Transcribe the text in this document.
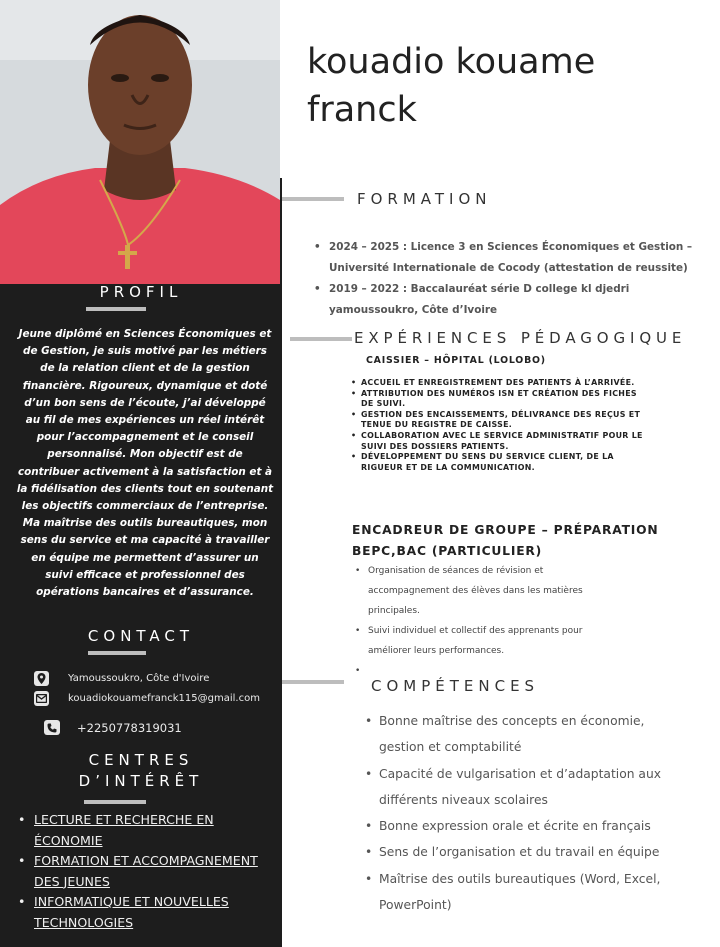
kouadio kouame
franck
PROFIL

Jeune diplômé en Sciences Économiques et de Gestion, je suis motivé par les métiers de la relation client et de la gestion financière. Rigoureux, dynamique et doté d’un bon sens de l’écoute, j’ai développé au fil de mes expériences un réel intérêt pour l’accompagnement et le conseil personnalisé. Mon objectif est de contribuer activement à la satisfaction et à la fidélisation des clients tout en soutenant les objectifs commerciaux de l’entreprise. Ma maîtrise des outils bureautiques, mon sens du service et ma capacité à travailler en équipe me permettent d’assurer un suivi efficace et professionnel des opérations bancaires et d’assurance.

CONTACT
Yamoussoukro, Côte d'Ivoire
kouadiokouamefranck115@gmail.com
+2250778319031
CENTRES
D’INTÉRÊT
• LECTURE ET RECHERCHE EN ÉCONOMIE
• FORMATION ET ACCOMPAGNEMENT DES JEUNES
• INFORMATIQUE ET NOUVELLES TECHNOLOGIES
FORMATION
• 2024 – 2025 : Licence 3 en Sciences Économiques et Gestion – Université Internationale de Cocody (attestation de reussite)
• 2019 – 2022 : Baccalauréat série D college kl djedri yamoussoukro, Côte d’Ivoire
EXPÉRIENCES PÉDAGOGIQUE
CAISSIER – HÔPITAL (LOLOBO)
• ACCUEIL ET ENREGISTREMENT DES PATIENTS À L’ARRIVÉE.
• ATTRIBUTION DES NUMÉROS ISN ET CRÉATION DES FICHES DE SUIVI.
• GESTION DES ENCAISSEMENTS, DÉLIVRANCE DES REÇUS ET TENUE DU REGISTRE DE CAISSE.
• COLLABORATION AVEC LE SERVICE ADMINISTRATIF POUR LE SUIVI DES DOSSIERS PATIENTS.
• DÉVELOPPEMENT DU SENS DU SERVICE CLIENT, DE LA RIGUEUR ET DE LA COMMUNICATION.
ENCADREUR DE GROUPE – PRÉPARATION BEPC,BAC (PARTICULIER)
• Organisation de séances de révision et accompagnement des élèves dans les matières principales.
• Suivi individuel et collectif des apprenants pour améliorer leurs performances.
•
COMPÉTENCES
• Bonne maîtrise des concepts en économie, gestion et comptabilité
• Capacité de vulgarisation et d’adaptation aux différents niveaux scolaires
• Bonne expression orale et écrite en français
• Sens de l’organisation et du travail en équipe
• Maîtrise des outils bureautiques (Word, Excel, PowerPoint)
